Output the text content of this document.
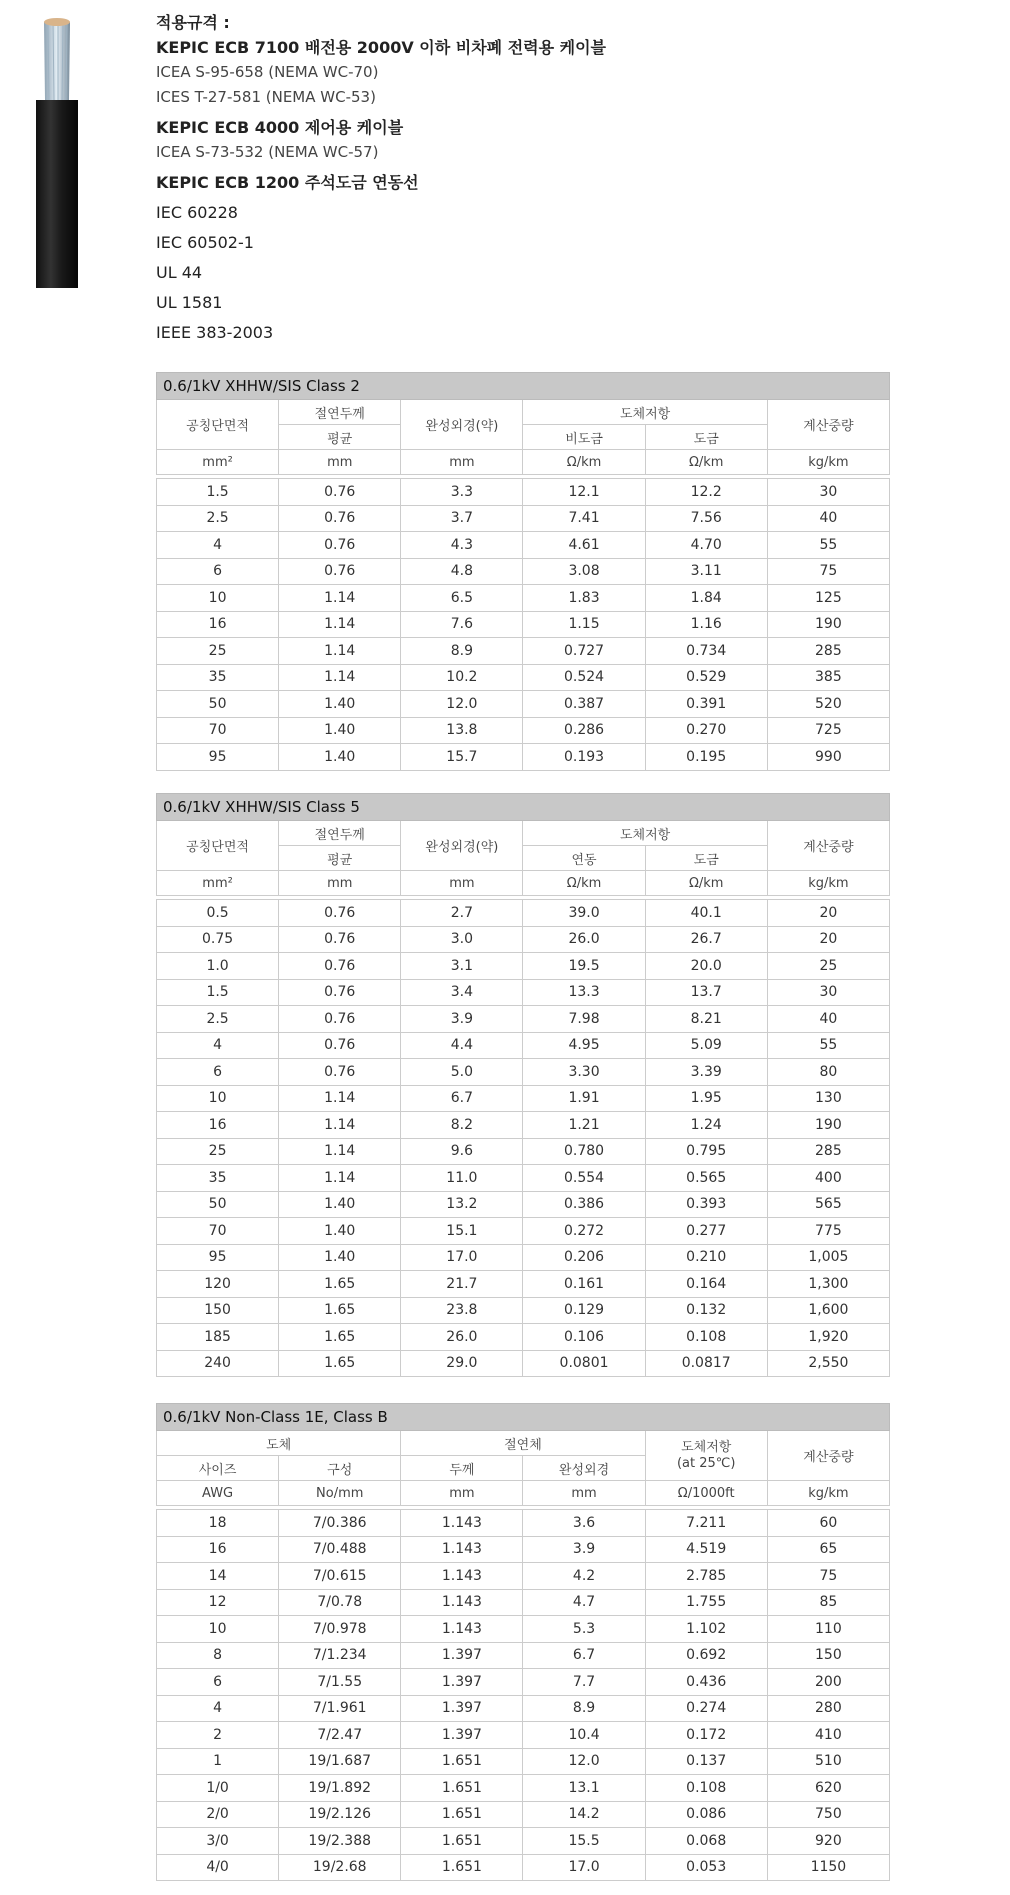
적용규격 :
KEPIC ECB 7100 배전용 2000V 이하 비차폐 전력용 케이블
ICEA S-95-658 (NEMA WC-70)
ICES T-27-581 (NEMA WC-53)
KEPIC ECB 4000 제어용 케이블
ICEA S-73-532 (NEMA WC-57)
KEPIC ECB 1200 주석도금 연동선
IEC 60228
IEC 60502-1
UL 44
UL 1581
IEEE 383-2003
0.6/1kV XHHW/SIS Class 2					
공칭단면적	절연두께	완성외경(약)	도체저항		계산중량
	평균		비도금	도금	
mm²	mm	mm	Ω/km	Ω/km	kg/km

1.5	0.76	3.3	12.1	12.2	30
2.5	0.76	3.7	7.41	7.56	40
4	0.76	4.3	4.61	4.70	55
6	0.76	4.8	3.08	3.11	75
10	1.14	6.5	1.83	1.84	125
16	1.14	7.6	1.15	1.16	190
25	1.14	8.9	0.727	0.734	285
35	1.14	10.2	0.524	0.529	385
50	1.40	12.0	0.387	0.391	520
70	1.40	13.8	0.286	0.270	725
95	1.40	15.7	0.193	0.195	990
0.6/1kV XHHW/SIS Class 5					
공칭단면적	절연두께	완성외경(약)	도체저항		계산중량
	평균		연동	도금	
mm²	mm	mm	Ω/km	Ω/km	kg/km

0.5	0.76	2.7	39.0	40.1	20
0.75	0.76	3.0	26.0	26.7	20
1.0	0.76	3.1	19.5	20.0	25
1.5	0.76	3.4	13.3	13.7	30
2.5	0.76	3.9	7.98	8.21	40
4	0.76	4.4	4.95	5.09	55
6	0.76	5.0	3.30	3.39	80
10	1.14	6.7	1.91	1.95	130
16	1.14	8.2	1.21	1.24	190
25	1.14	9.6	0.780	0.795	285
35	1.14	11.0	0.554	0.565	400
50	1.40	13.2	0.386	0.393	565
70	1.40	15.1	0.272	0.277	775
95	1.40	17.0	0.206	0.210	1,005
120	1.65	21.7	0.161	0.164	1,300
150	1.65	23.8	0.129	0.132	1,600
185	1.65	26.0	0.106	0.108	1,920
240	1.65	29.0	0.0801	0.0817	2,550
0.6/1kV Non-Class 1E, Class B					
도체		절연체		도체저항
(at 25℃)	계산중량
사이즈	구성	두께	완성외경		
AWG	No/mm	mm	mm	Ω/1000ft	kg/km

18	7/0.386	1.143	3.6	7.211	60
16	7/0.488	1.143	3.9	4.519	65
14	7/0.615	1.143	4.2	2.785	75
12	7/0.78	1.143	4.7	1.755	85
10	7/0.978	1.143	5.3	1.102	110
8	7/1.234	1.397	6.7	0.692	150
6	7/1.55	1.397	7.7	0.436	200
4	7/1.961	1.397	8.9	0.274	280
2	7/2.47	1.397	10.4	0.172	410
1	19/1.687	1.651	12.0	0.137	510
1/0	19/1.892	1.651	13.1	0.108	620
2/0	19/2.126	1.651	14.2	0.086	750
3/0	19/2.388	1.651	15.5	0.068	920
4/0	19/2.68	1.651	17.0	0.053	1150
